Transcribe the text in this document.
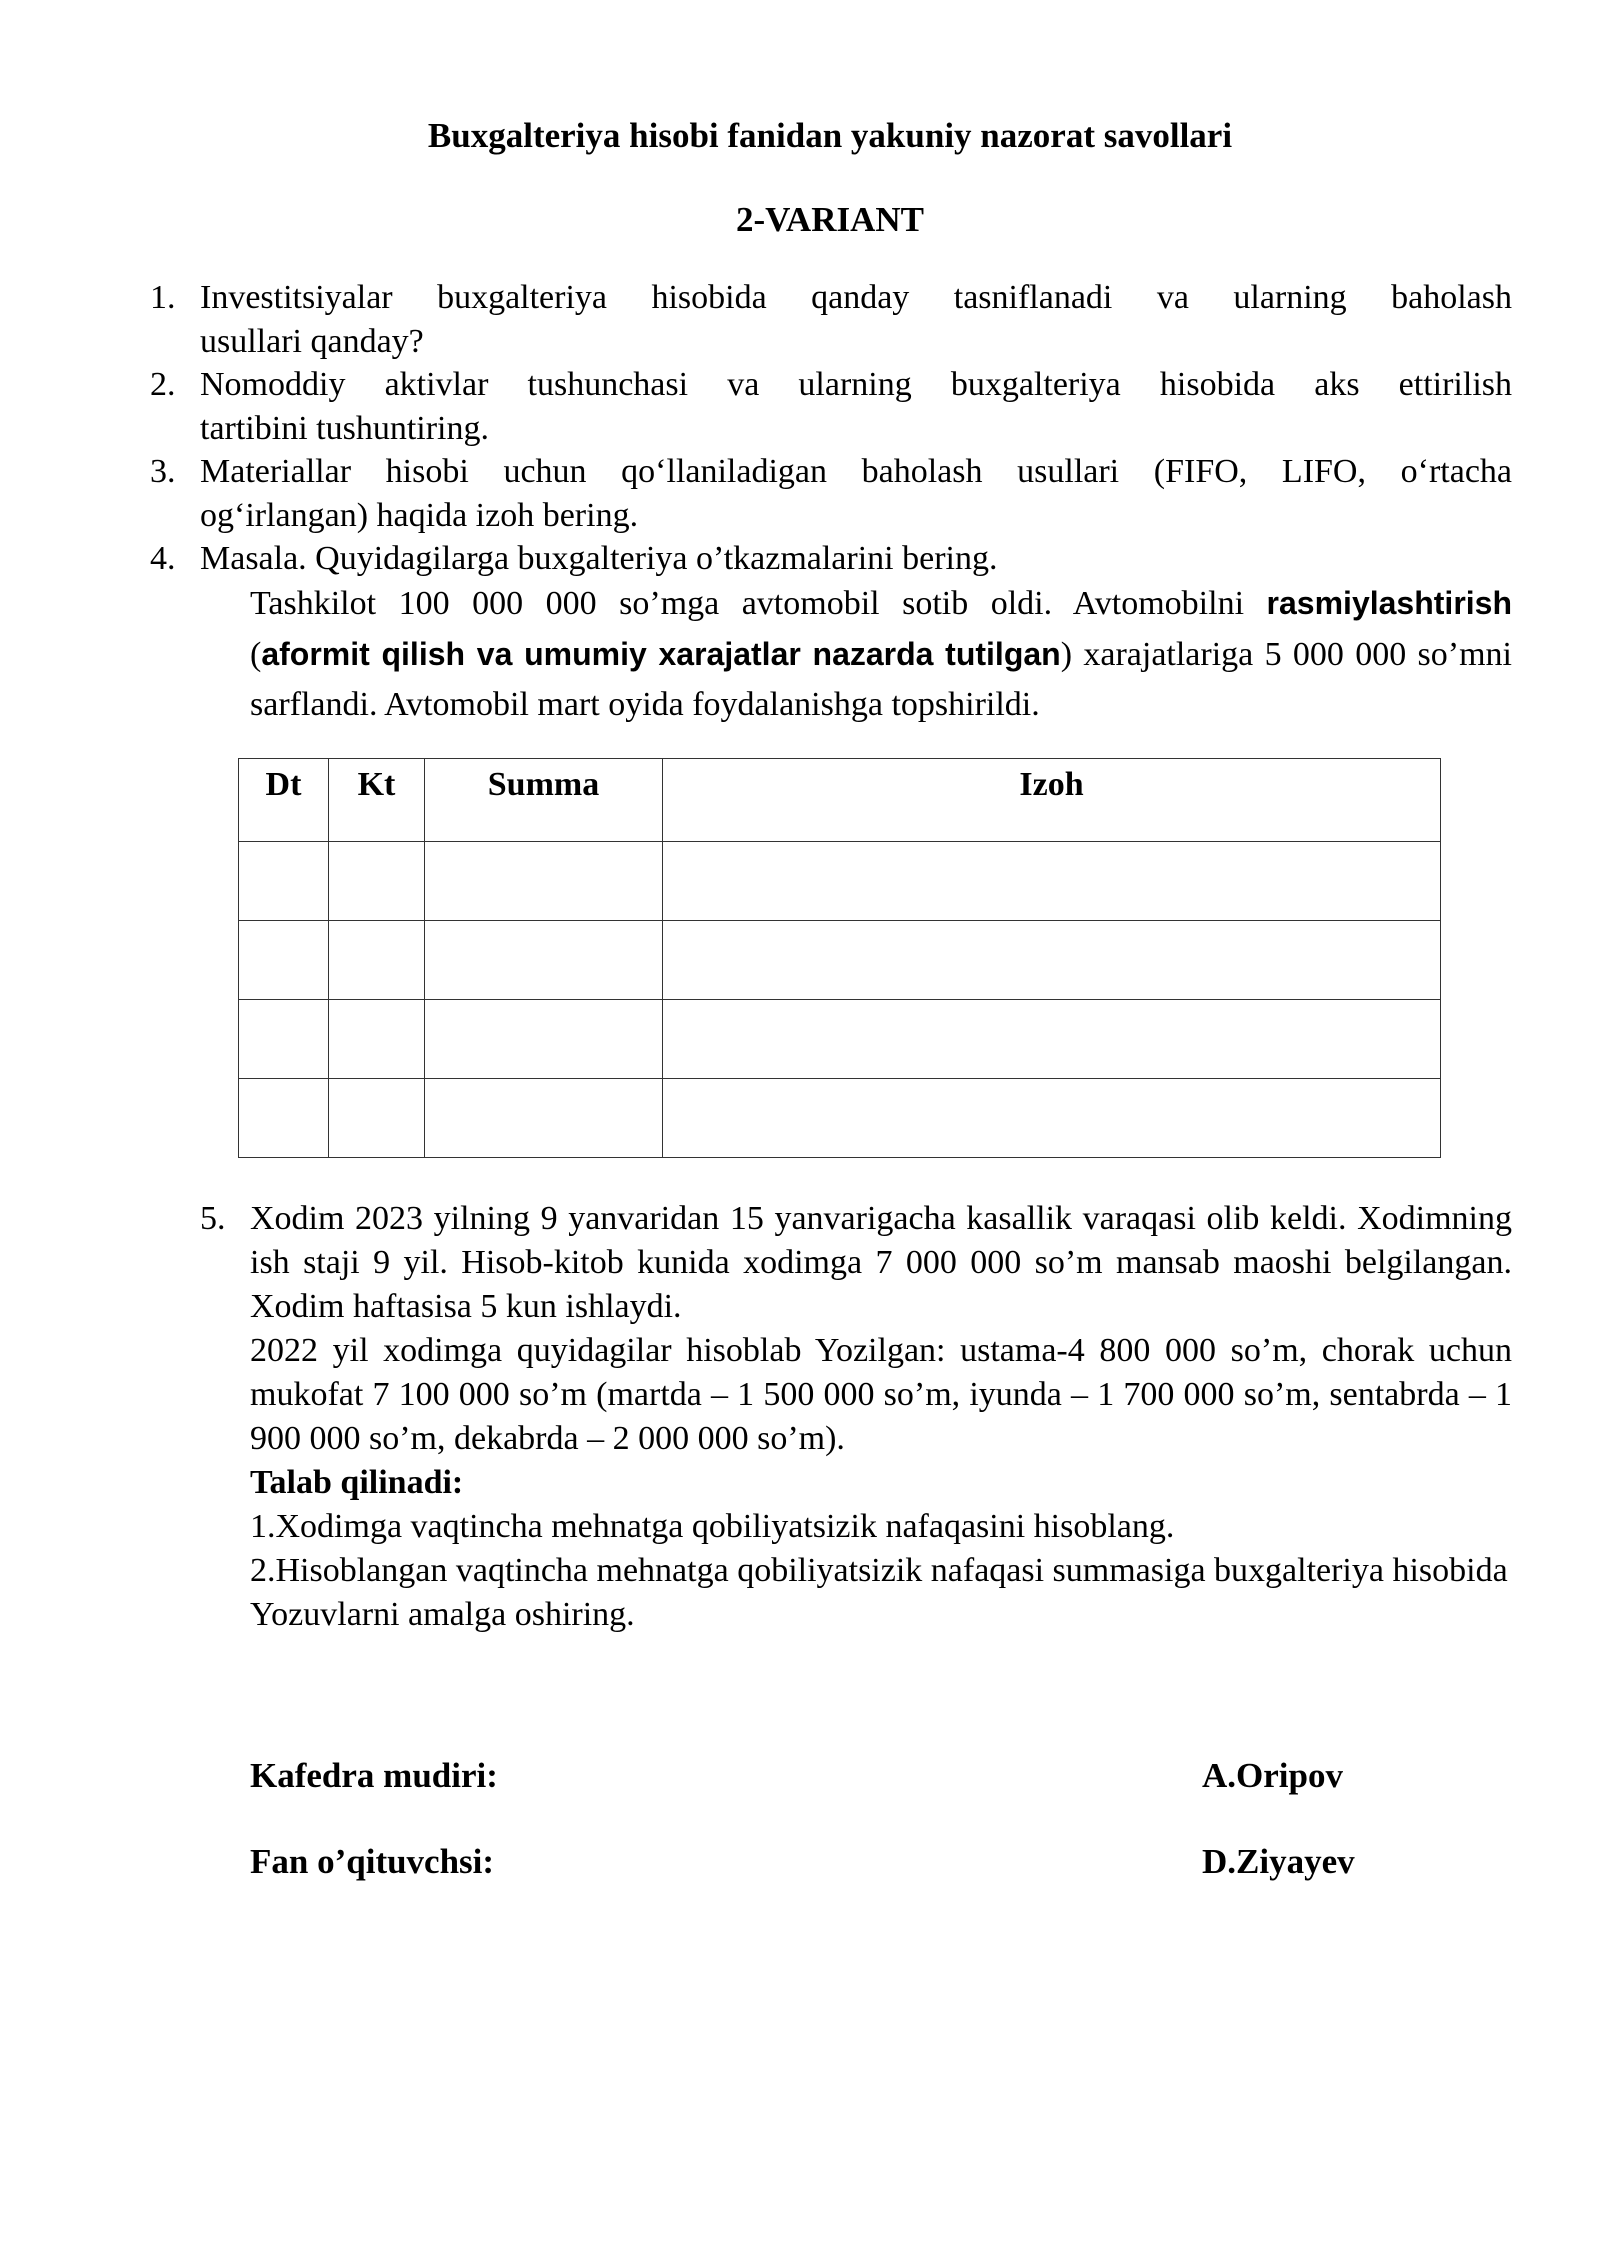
Buxgalteriya hisobi fanidan yakuniy nazorat savollari
2-VARIANT
1. Investitsiyalar buxgalteriya hisobida qanday tasniflanadi va ularning baholash
usullari qanday?
2. Nomoddiy aktivlar tushunchasi va ularning buxgalteriya hisobida aks ettirilish
tartibini tushuntiring.
3. Materiallar hisobi uchun qo‘llaniladigan baholash usullari (FIFO, LIFO, o‘rtacha
og‘irlangan) haqida izoh bering.
4. Masala. Quyidagilarga buxgalteriya o’tkazmalarini bering.
Tashkilot 100 000 000 so’mga avtomobil sotib oldi. Avtomobilni rasmiylashtirish (aformit qilish va umumiy xarajatlar nazarda tutilgan) xarajatlariga 5 000 000 so’mni sarflandi. Avtomobil mart oyida foydalanishga topshirildi.
Dt	Kt	Summa	Izoh

5. Xodim 2023 yilning 9 yanvaridan 15 yanvarigacha kasallik varaqasi olib keldi. Xodimning ish staji 9 yil. Hisob-kitob kunida xodimga 7 000 000 so’m mansab maoshi belgilangan. Xodim haftasisa 5 kun ishlaydi.

2022 yil xodimga quyidagilar hisoblab Yozilgan: ustama-4 800 000 so’m, chorak uchun mukofat 7 100 000 so’m (martda – 1 500 000 so’m, iyunda – 1 700 000 so’m, sentabrda – 1 900 000 so’m, dekabrda – 2 000 000 so’m).

Talab qilinadi:

1.Xodimga vaqtincha mehnatga qobiliyatsizik nafaqasini hisoblang.

2.Hisoblangan vaqtincha mehnatga qobiliyatsizik nafaqasi summasiga buxgalteriya hisobida Yozuvlarni amalga oshiring.

Kafedra mudiri:	A.Oripov
Fan o’qituvchsi:	D.Ziyayev
